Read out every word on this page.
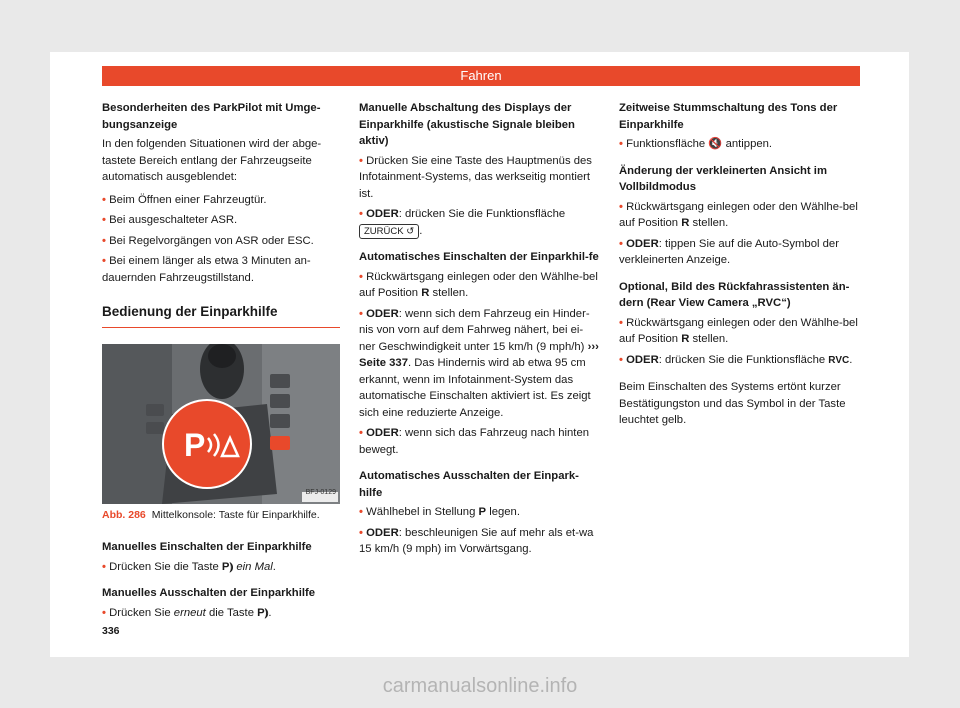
Fahren
Besonderheiten des ParkPilot mit Umge-bungsanzeige
In den folgenden Situationen wird der abge-tastete Bereich entlang der Fahrzeugseite automatisch ausgeblendet:
• Beim Öffnen einer Fahrzeugtür.
• Bei ausgeschalteter ASR.
• Bei Regelvorgängen von ASR oder ESC.
• Bei einem länger als etwa 3 Minuten an-dauernden Fahrzeugstillstand.
Bedienung der Einparkhilfe
P
BFJ-0129
Abb. 286 Mittelkonsole: Taste für Einparkhilfe.
Manuelles Einschalten der Einparkhilfe
• Drücken Sie die Taste P⦆ ein Mal.
Manuelles Ausschalten der Einparkhilfe
• Drücken Sie erneut die Taste P⦆.
Manuelle Abschaltung des Displays der Einparkhilfe (akustische Signale bleiben aktiv)
• Drücken Sie eine Taste des Hauptmenüs des Infotainment-Systems, das werkseitig montiert ist.
• ODER: drücken Sie die Funktionsfläche ZURÜCK ↺ .
Automatisches Einschalten der Einparkhil-fe
• Rückwärtsgang einlegen oder den Wählhe-bel auf Position R stellen.
• ODER: wenn sich dem Fahrzeug ein Hinder-nis von vorn auf dem Fahrweg nähert, bei ei-ner Geschwindigkeit unter 15 km/h (9 mph/h) ››› Seite 337. Das Hindernis wird ab etwa 95 cm erkannt, wenn im Infotainment-System das automatische Einschalten aktiviert ist. Es zeigt sich eine reduzierte Anzeige.
• ODER: wenn sich das Fahrzeug nach hinten bewegt.
Automatisches Ausschalten der Einpark-hilfe
• Wählhebel in Stellung P legen.
• ODER: beschleunigen Sie auf mehr als et-wa 15 km/h (9 mph) im Vorwärtsgang.
Zeitweise Stummschaltung des Tons der Einparkhilfe
• Funktionsfläche 🔇 antippen.
Änderung der verkleinerten Ansicht im Vollbildmodus
• Rückwärtsgang einlegen oder den Wählhe-bel auf Position R stellen.
• ODER: tippen Sie auf die Auto-Symbol der verkleinerten Anzeige.
Optional, Bild des Rückfahrassistenten än-dern (Rear View Camera „RVC“)
• Rückwärtsgang einlegen oder den Wählhe-bel auf Position R stellen.
• ODER: drücken Sie die Funktionsfläche RVC.
Beim Einschalten des Systems ertönt kurzer Bestätigungston und das Symbol in der Taste leuchtet gelb.
336
carmanualsonline.info
